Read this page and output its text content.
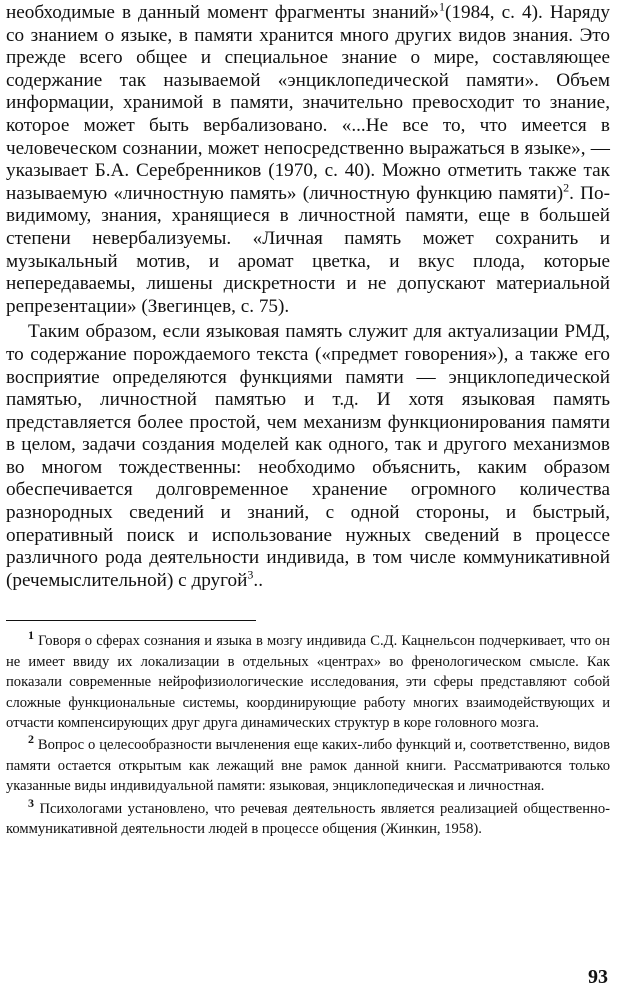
необходимые в данный момент фрагменты знаний»$^1$(1984, с. 4). Наряду со знанием о языке, в памяти хранится много других видов знания. Это прежде всего общее и специальное знание о мире, составляющее содержание так называемой «энциклопедической памяти». Объем информации, хранимой в памяти, значительно превосходит то знание, которое может быть вербализовано. «...Не все то, что имеется в человеческом сознании, может непосредственно выражаться в языке», — указывает Б.А. Серебренников (1970, с. 40). Можно отметить также так называемую «личностную память» (личностную функцию памяти)$^2$. По-видимому, знания, хранящиеся в личностной памяти, еще в большей степени невербализуемы. «Личная память может сохранить и музыкальный мотив, и аромат цветка, и вкус плода, которые непередаваемы, лишены дискретности и не допускают материальной репрезентации» (Звегинцев, с. 75).

Таким образом, если языковая память служит для актуализации РМД, то содержание порождаемого текста («предмет говорения»), а также его восприятие определяются функциями памяти — энциклопедической памятью, личностной памятью и т.д. И хотя языковая память представляется более простой, чем механизм функционирования памяти в целом, задачи создания моделей как одного, так и другого механизмов во многом тождественны: необходимо объяснить, каким образом обеспечивается долговременное хранение огромного количества разнородных сведений и знаний, с одной стороны, и быстрый, оперативный поиск и использование нужных сведений в процессе различного рода деятельности индивида, в том числе коммуникативной (речемыслительной) с другой$^3$..

$^1$ Говоря о сферах сознания и языка в мозгу индивида С.Д. Кацнельсон подчеркивает, что он не имеет ввиду их локализации в отдельных «центрах» во френологическом смысле. Как показали современные нейрофизиологические исследования, эти сферы представляют собой сложные функциональные системы, координирующие работу многих взаимодействующих и отчасти компенсирующих друг друга динамических структур в коре головного мозга.

$^2$ Вопрос о целесообразности вычленения еще каких-либо функций и, соответственно, видов памяти остается открытым как лежащий вне рамок данной книги. Рассматриваются только указанные виды индивидуальной памяти: языковая, энциклопедическая и личностная.

$^3$ Психологами установлено, что речевая деятельность является реализацией общественно-коммуникативной деятельности людей в процессе общения (Жинкин, 1958).

93
